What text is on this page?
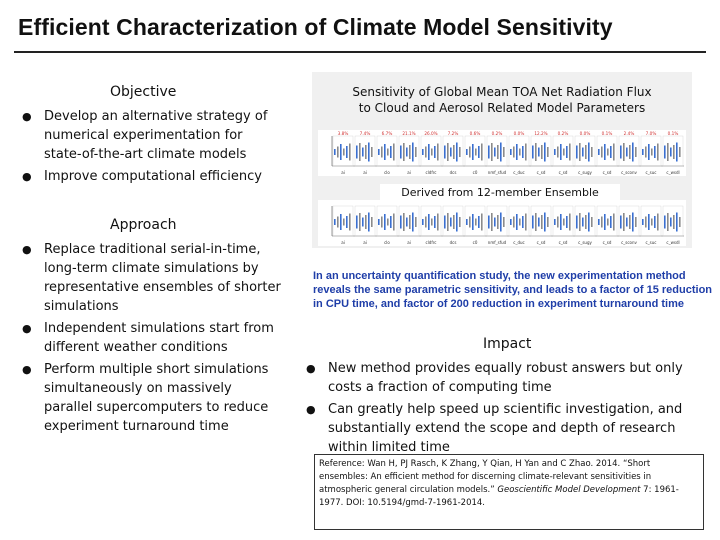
Efficient Characterization of Climate Model Sensitivity
Objective
● Develop an alternative strategy of numerical experimentation for state-of-the-art climate models
● Improve computational efficiency
Approach
● Replace traditional serial-in-time, long-term climate simulations by representative ensembles of shorter simulations
● Independent simulations start from different weather conditions
● Perform multiple short simulations simultaneously on massively parallel supercomputers to reduce experiment turnaround time
Sensitivity of Global Mean TOA Net Radiation Flux
to Cloud and Aerosol Related Model Parameters
3.8%
ai
7.4%
ai
6.7%
clo
21.1%
ai
26.0%
cldfrc
7.2%
dcs
0.6%
c0
0.2%
nmf_sfud
0.0%
c_duc
12.2%
c_sd
0.2%
c_sd
0.0%
c_sugy
0.1%
c_sd
2.4%
c_sconv
7.0%
c_suc
0.1%
c_wsdl
Derived from 12-member Ensemble
ai	ai	clo	ai	cldfrc	dcs	c0	nmf_sfud c_duc	c_sd	c_sd	c_sugy	c_sd c_sconv c_suc c_wsdl
In an uncertainty quantification study, the new experimentation method reveals the same parametric sensitivity, and leads to a factor of 15 reduction in CPU time, and factor of 200 reduction in experiment turnaround time
Impact
● New method provides equally robust answers but only costs a fraction of computing time
● Can greatly help speed up scientific investigation, and substantially extend the scope and depth of research within limited time
Reference: Wan H, PJ Rasch, K Zhang, Y Qian, H Yan and C Zhao. 2014. “Short ensembles: An efficient method for discerning climate-relevant sensitivities in atmospheric general circulation models.” Geoscientific Model Development 7: 1961-1977. DOI: 10.5194/gmd-7-1961-2014.
